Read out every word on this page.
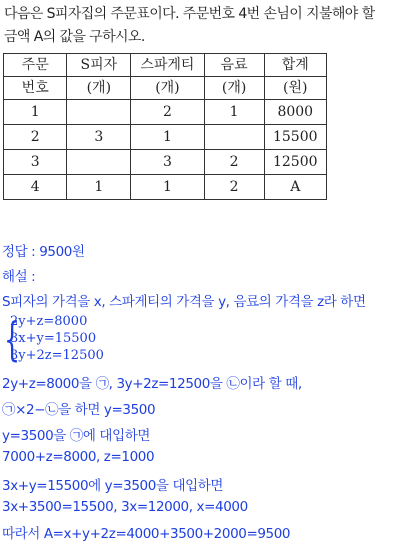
다음은 S피자집의 주문표이다. 주문번호 4번 손님이 지불해야 할
금액 A의 값을 구하시오.
주문	S피자	스파게티	음료	합계
번호	(개)	(개)	(개)	(원)
1		2	1	8000
2	3	1		15500
3		3	2	12500
4	1	1	2	A
정답 : 9500원
해설 :
S피자의 가격을 x, 스파게티의 가격을 y, 음료의 가격을 z라 하면
{
2y+z=8000
3x+y=15500
3y+2z=12500
2y+z=8000을 ㉠, 3y+2z=12500을 ㉡이라 할 때,
㉠×2−㉡을 하면 y=3500
y=3500을 ㉠에 대입하면
7000+z=8000, z=1000
3x+y=15500에 y=3500을 대입하면
3x+3500=15500, 3x=12000, x=4000
따라서 A=x+y+2z=4000+3500+2000=9500
